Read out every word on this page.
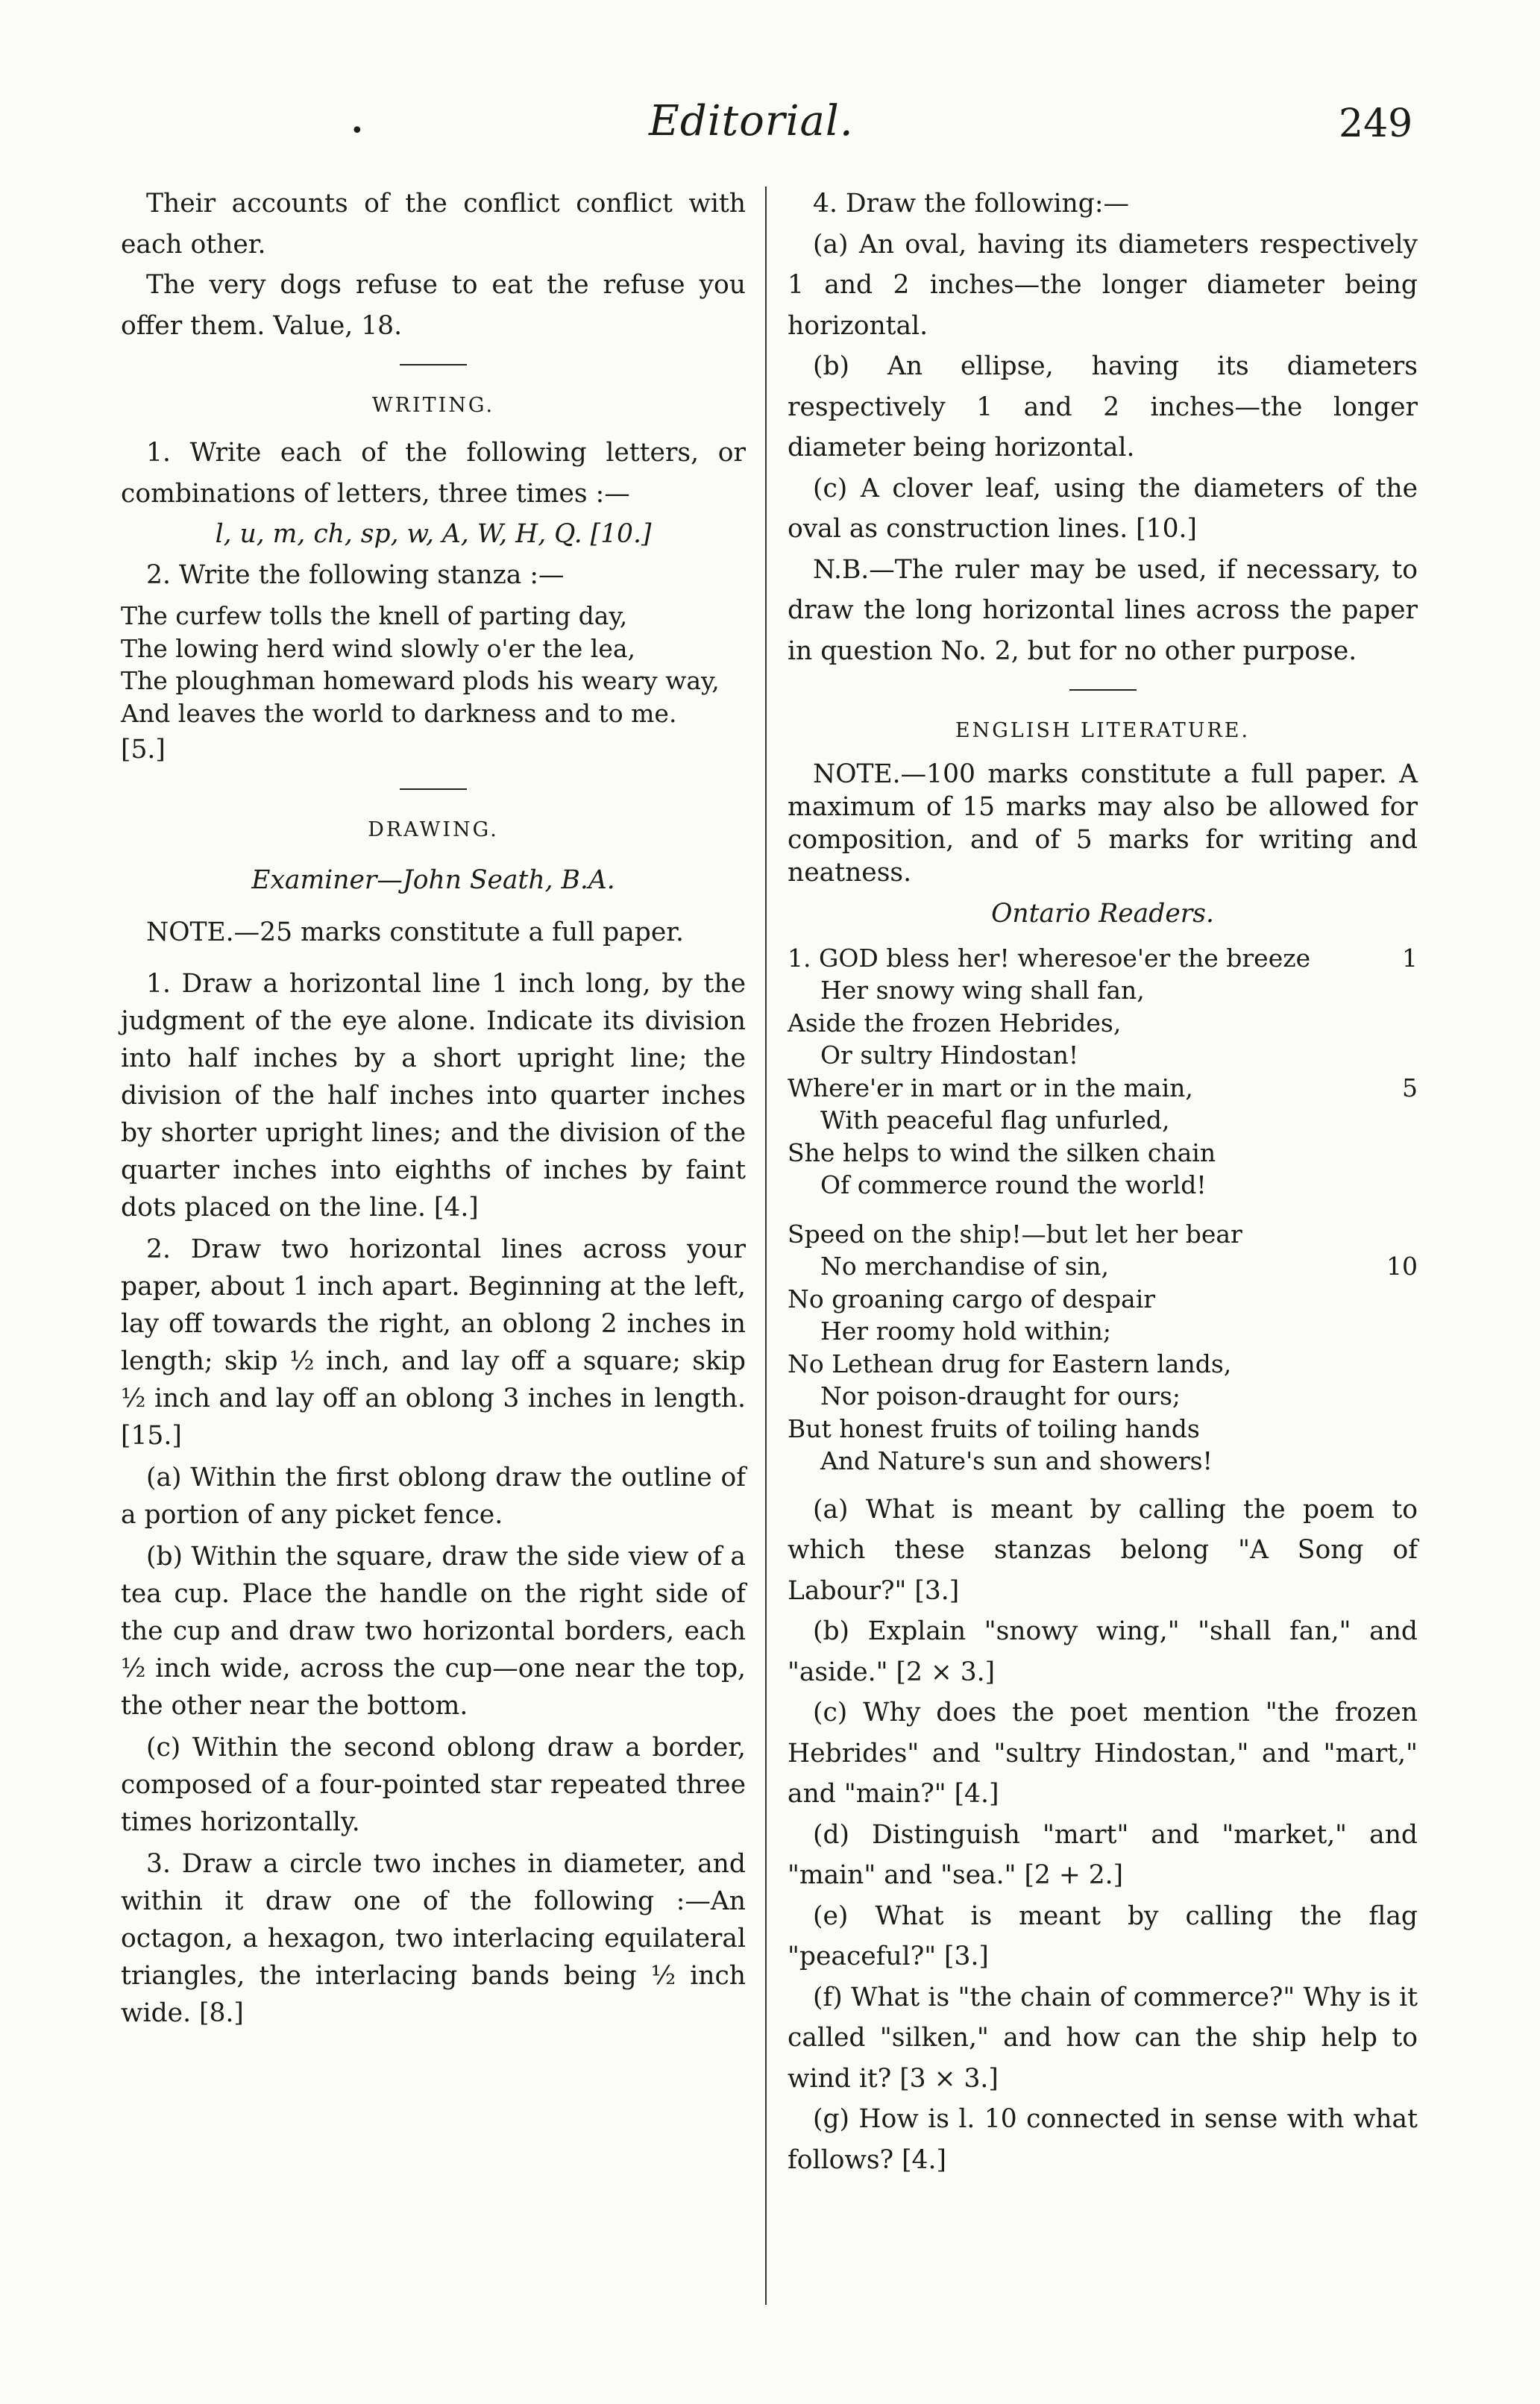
•	Editorial.	249

Their accounts of the conflict conflict with each other.

The very dogs refuse to eat the refuse you offer them. Value, 18.

WRITING.

1. Write each of the following letters, or combinations of letters, three times :—

l, u, m, ch, sp, w, A, W, H, Q. [10.]

2. Write the following stanza :—

The curfew tolls the knell of parting day,
The lowing herd wind slowly o'er the lea,
The ploughman homeward plods his weary way,
And leaves the world to darkness and to me.

[5.]

DRAWING.

Examiner—John Seath, B.A.

NOTE.—25 marks constitute a full paper.

1. Draw a horizontal line 1 inch long, by the judgment of the eye alone. Indicate its division into half inches by a short upright line; the division of the half inches into quarter inches by shorter upright lines; and the division of the quarter inches into eighths of inches by faint dots placed on the line. [4.]

2. Draw two horizontal lines across your paper, about 1 inch apart. Beginning at the left, lay off towards the right, an oblong 2 inches in length; skip ½ inch, and lay off a square; skip ½ inch and lay off an oblong 3 inches in length. [15.]

(a) Within the first oblong draw the outline of a portion of any picket fence.

(b) Within the square, draw the side view of a tea cup. Place the handle on the right side of the cup and draw two horizontal borders, each ½ inch wide, across the cup—one near the top, the other near the bottom.

(c) Within the second oblong draw a border, composed of a four-pointed star repeated three times horizontally.

3. Draw a circle two inches in diameter, and within it draw one of the following :—An octagon, a hexagon, two interlacing equilateral triangles, the interlacing bands being ½ inch wide. [8.]

4. Draw the following:—

(a) An oval, having its diameters respectively 1 and 2 inches—the longer diameter being horizontal.

(b) An ellipse, having its diameters respectively 1 and 2 inches—the longer diameter being horizontal.

(c) A clover leaf, using the diameters of the oval as construction lines. [10.]

N.B.—The ruler may be used, if necessary, to draw the long horizontal lines across the paper in question No. 2, but for no other purpose.

ENGLISH LITERATURE.

NOTE.—100 marks constitute a full paper. A maximum of 15 marks may also be allowed for composition, and of 5 marks for writing and neatness.

Ontario Readers.

1. GOD bless her! wheresoe'er the breeze	1
Her snowy wing shall fan,
Aside the frozen Hebrides,
Or sultry Hindostan!
Where'er in mart or in the main,	5
With peaceful flag unfurled,
She helps to wind the silken chain
Of commerce round the world!
Speed on the ship!—but let her bear
No merchandise of sin,	10
No groaning cargo of despair
Her roomy hold within;
No Lethean drug for Eastern lands,
Nor poison-draught for ours;
But honest fruits of toiling hands
And Nature's sun and showers!

(a) What is meant by calling the poem to which these stanzas belong "A Song of Labour?" [3.]

(b) Explain "snowy wing," "shall fan," and "aside." [2 × 3.]

(c) Why does the poet mention "the frozen Hebrides" and "sultry Hindostan," and "mart," and "main?" [4.]

(d) Distinguish "mart" and "market," and "main" and "sea." [2 + 2.]

(e) What is meant by calling the flag "peaceful?" [3.]

(f) What is "the chain of commerce?" Why is it called "silken," and how can the ship help to wind it? [3 × 3.]

(g) How is l. 10 connected in sense with what follows? [4.]
